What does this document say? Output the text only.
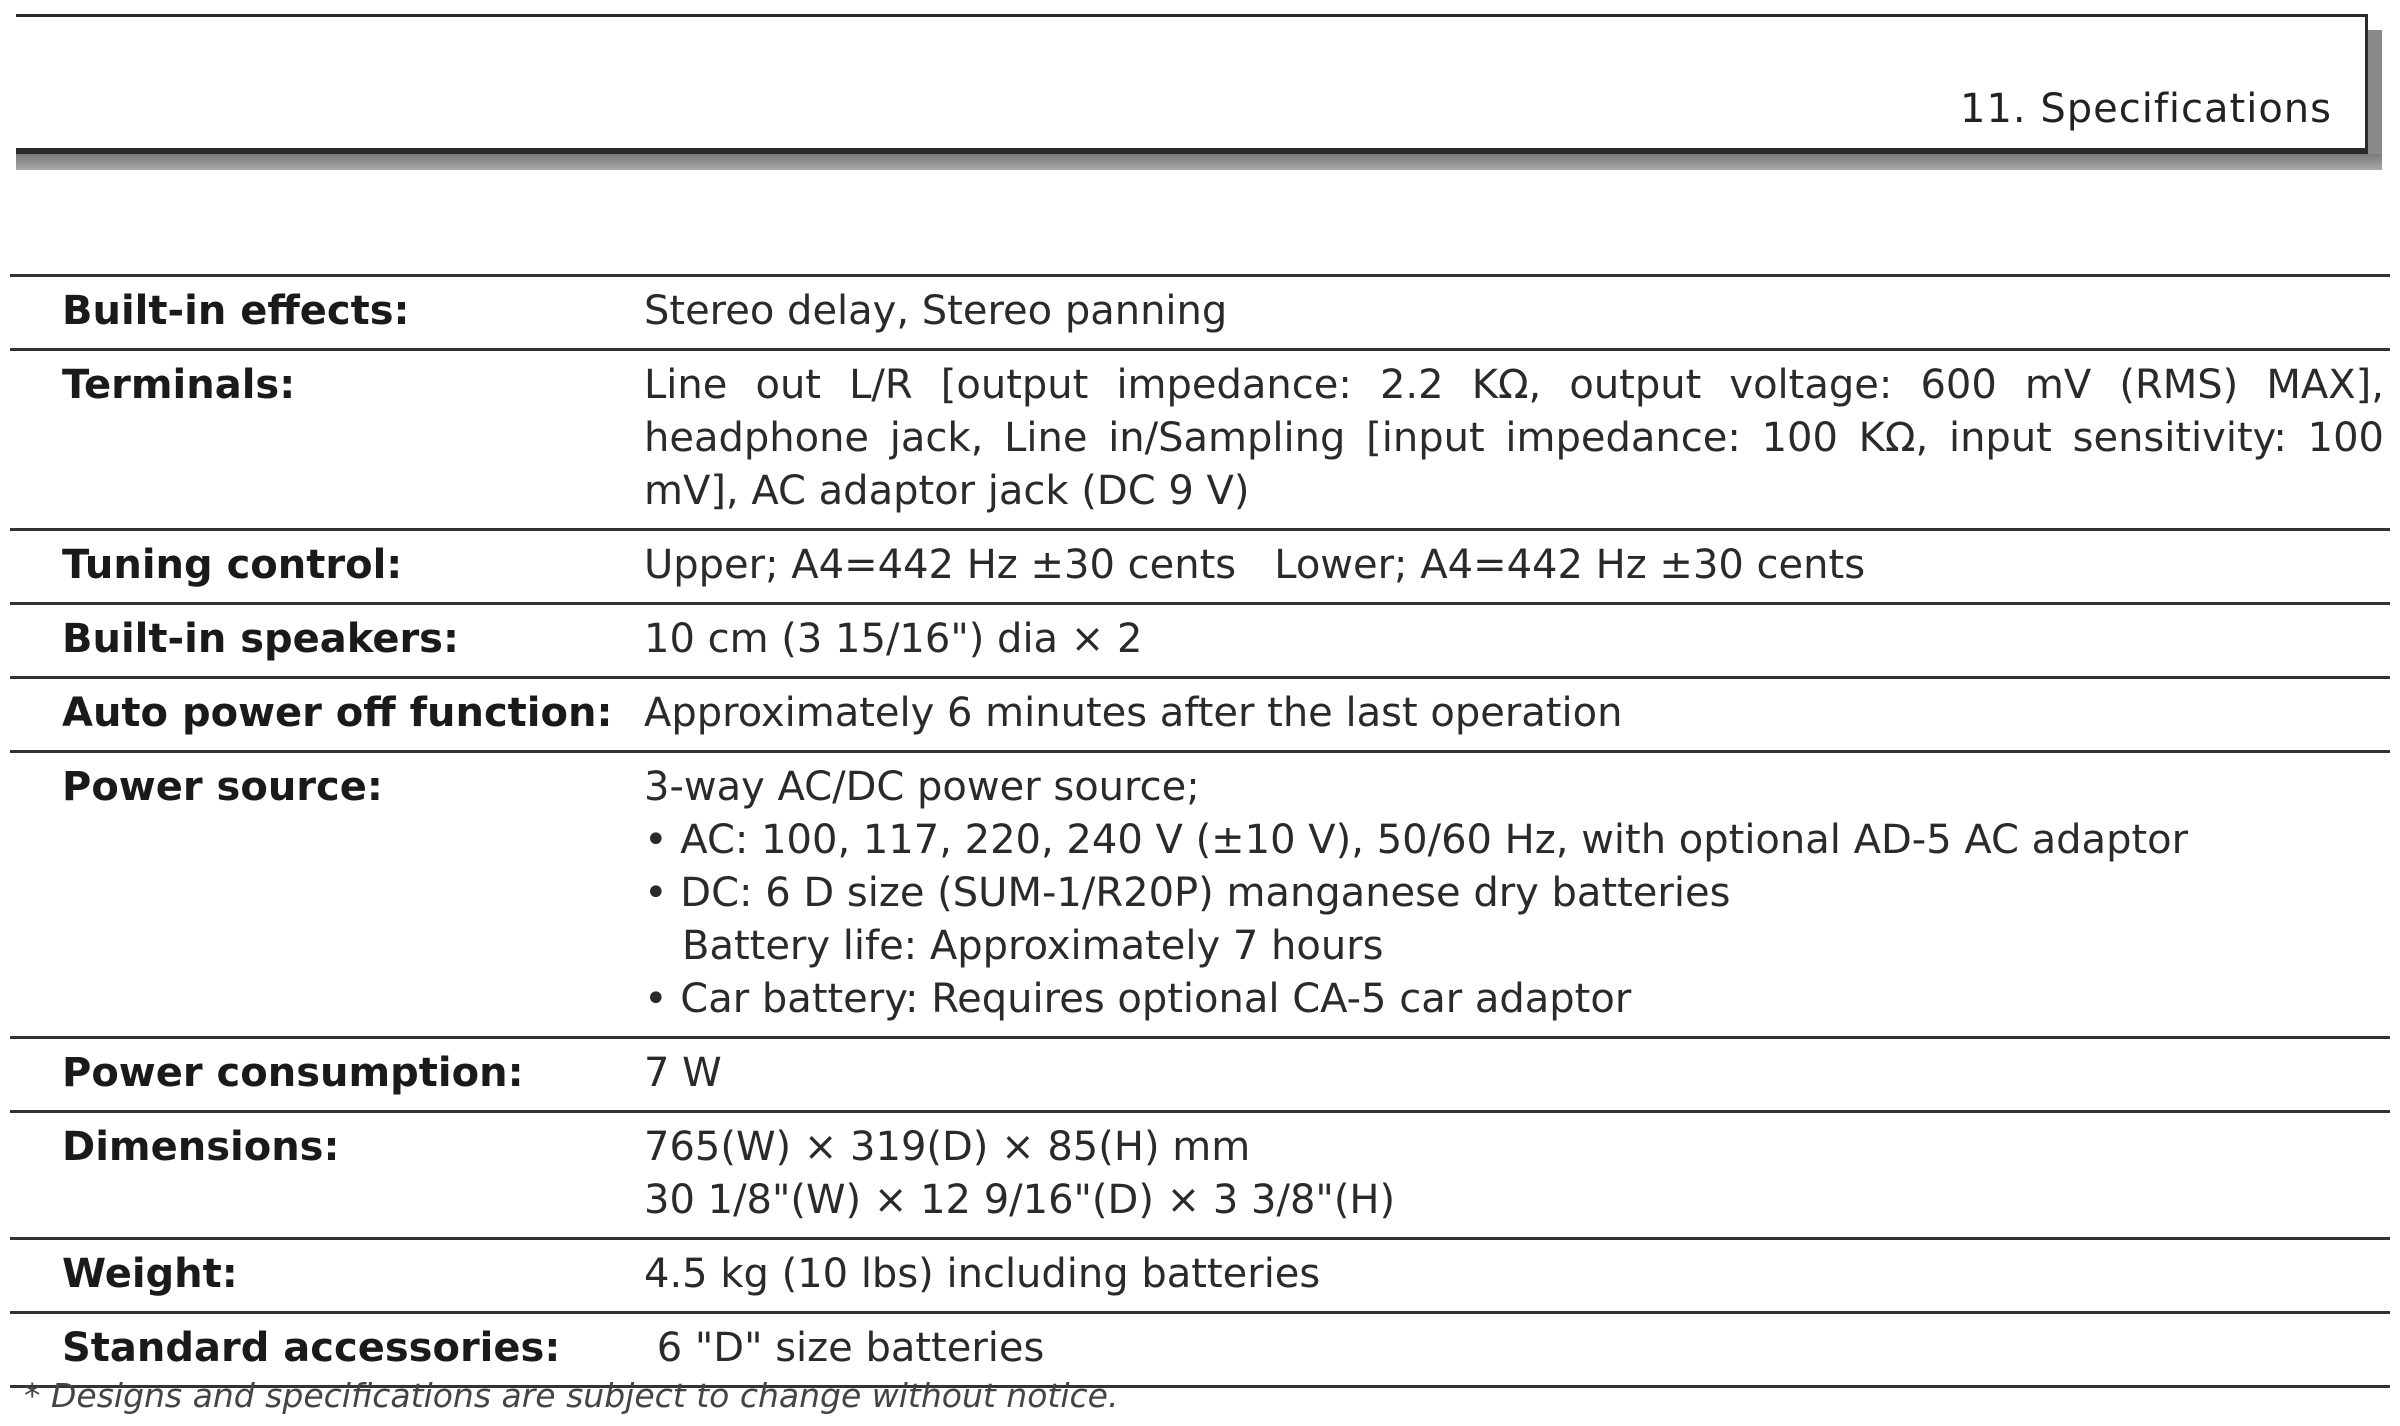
11. Specifications
Built-in effects:	Stereo delay, Stereo panning

Terminals:	Line out L/R [output impedance: 2.2 KΩ, output voltage: 600 mV (RMS) MAX], headphone jack, Line in/Sampling [input impedance: 100 KΩ, input sensitivity: 100 mV], AC adaptor jack (DC 9 V)

Tuning control:	Upper; A4=442 Hz ±30 cents   Lower; A4=442 Hz ±30 cents

Built-in speakers:	10 cm (3 15/16") dia × 2

Auto power off function:	Approximately 6 minutes after the last operation

Power source:	3-way AC/DC power source;
• AC: 100, 117, 220, 240 V (±10 V), 50/60 Hz, with optional AD-5 AC adaptor
• DC: 6 D size (SUM-1/R20P) manganese dry batteries
Battery life: Approximately 7 hours
• Car battery: Requires optional CA-5 car adaptor

Power consumption:	7 W

Dimensions:	765(W) × 319(D) × 85(H) mm
30 1/8"(W) × 12 9/16"(D) × 3 3/8"(H)

Weight:	4.5 kg (10 lbs) including batteries

Standard accessories:	6 "D" size batteries
* Designs and specifications are subject to change without notice.
